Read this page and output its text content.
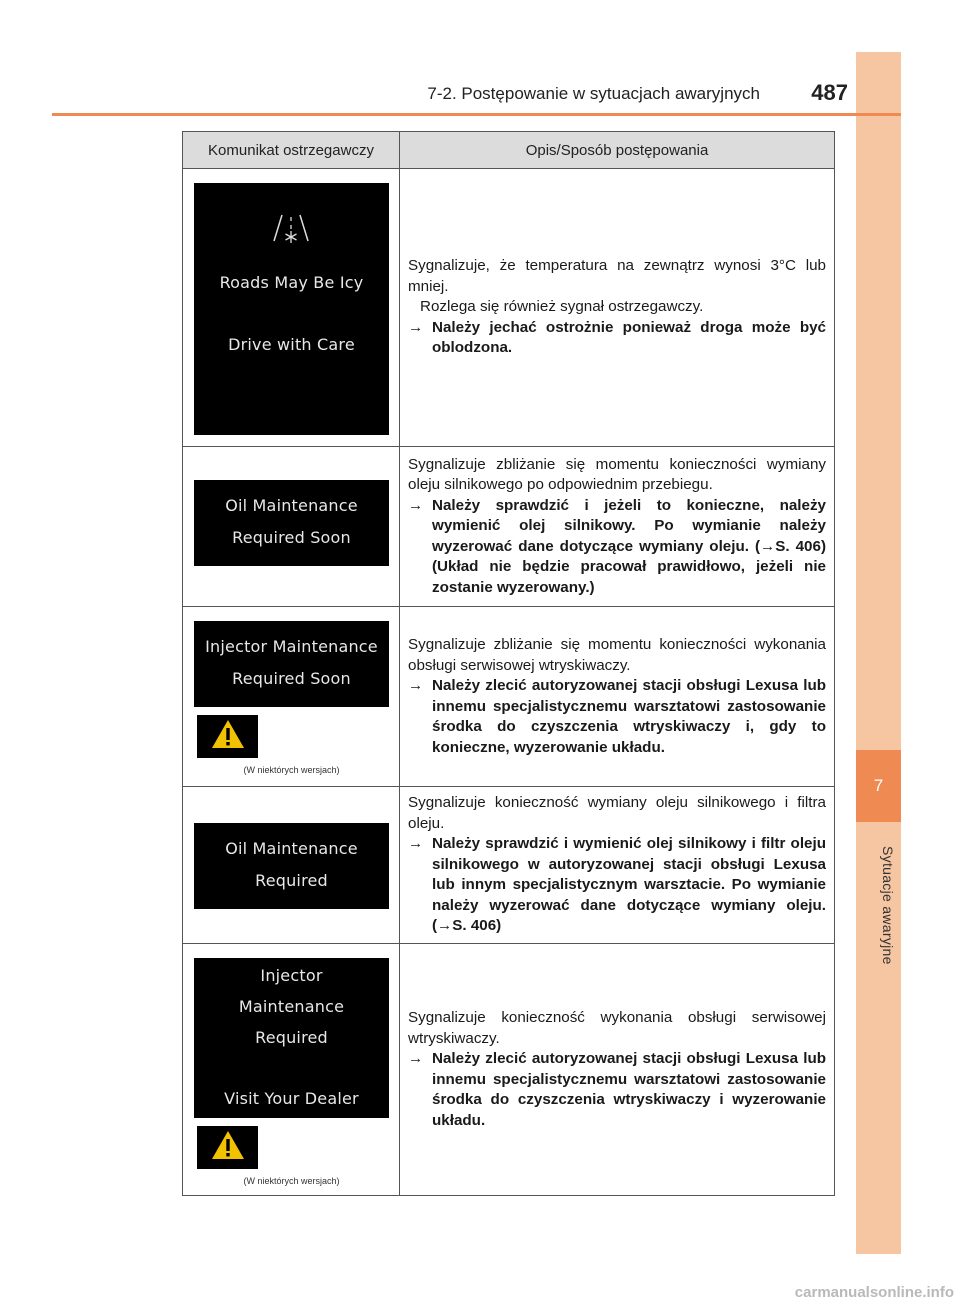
7
Sytuacje awaryjne
7-2. Postępowanie w sytuacjach awaryjnych	487
Komunikat ostrzegawczy	Opis/Sposób postępowania
Roads May Be Icy
Drive with Care

Sygnalizuje, że temperatura na zewnątrz wynosi 3°C lub mniej.

Rozlega się również sygnał ostrzegawczy.

→ Należy jechać ostrożnie ponieważ droga może być oblodzona.
Oil Maintenance
Required Soon

Sygnalizuje zbliżanie się momentu konieczności wymiany oleju silnikowego po odpowiednim przebiegu.

→ Należy sprawdzić i jeżeli to konieczne, należy wymienić olej silnikowy. Po wymianie należy wyzerować dane dotyczące wymiany oleju. (→S. 406) (Układ nie będzie pracował prawidłowo, jeżeli nie zostanie wyzerowany.)
Injector Maintenance
Required Soon
(W niektórych wersjach)

Sygnalizuje zbliżanie się momentu konieczności wykonania obsługi serwisowej wtryskiwaczy.

→ Należy zlecić autoryzowanej stacji obsługi Lexusa lub innemu specjalistycznemu warsztatowi zastosowanie środka do czyszczenia wtryskiwaczy i, gdy to konieczne, wyzerowanie układu.
Oil Maintenance
Required

Sygnalizuje konieczność wymiany oleju silnikowego i filtra oleju.

→ Należy sprawdzić i wymienić olej silnikowy i filtr oleju silnikowego w autoryzowanej stacji obsługi Lexusa lub innym specjalistycznym warsztacie. Po wymianie należy wyzerować dane dotyczące wymiany oleju. (→S. 406)
Injector
Maintenance
Required
Visit Your Dealer
(W niektórych wersjach)

Sygnalizuje konieczność wykonania obsługi serwisowej wtryskiwaczy.

→ Należy zlecić autoryzowanej stacji obsługi Lexusa lub innemu specjalistycznemu warsztatowi zastosowanie środka do czyszczenia wtryskiwaczy i wyzerowanie układu.
carmanualsonline.info
